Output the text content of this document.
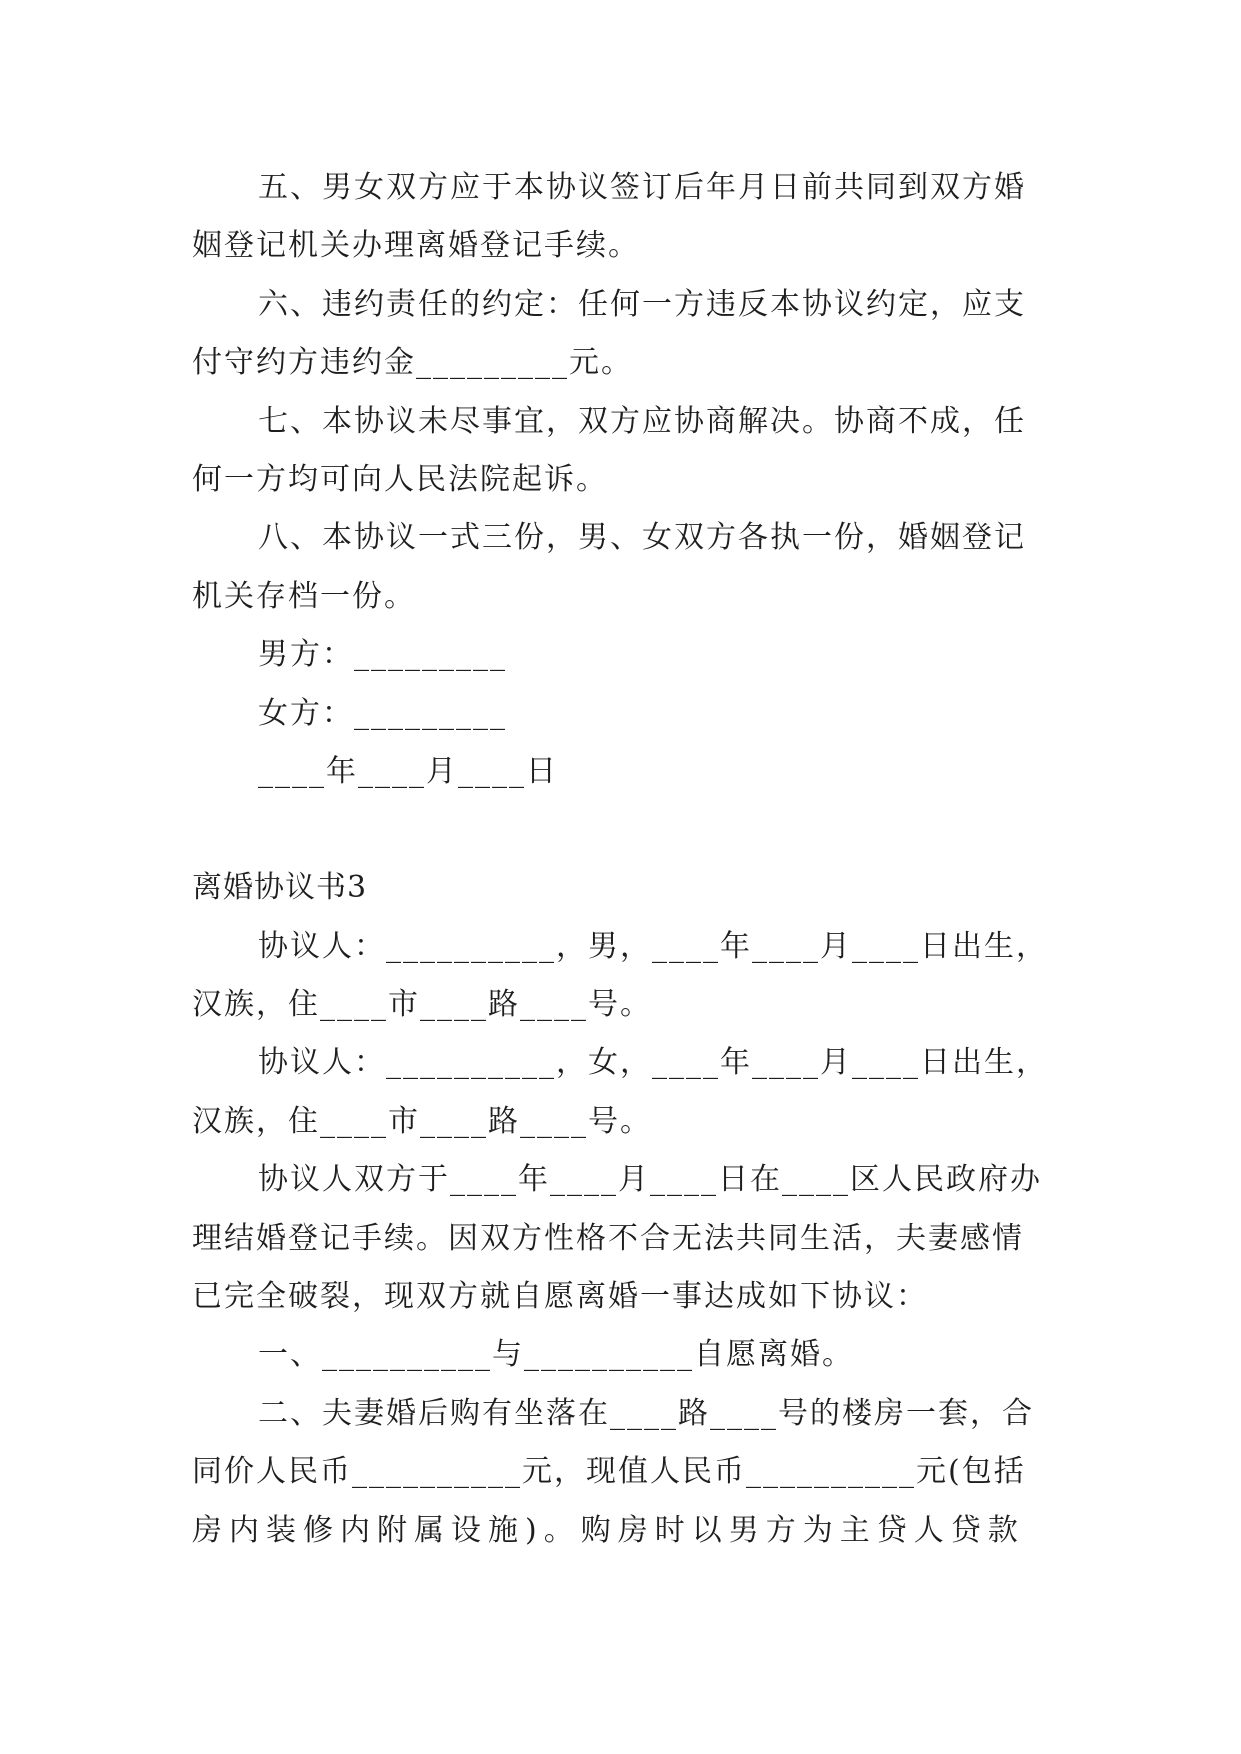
五、男女双方应于本协议签订后年月日前共同到双方婚
姻登记机关办理离婚登记手续。
六、违约责任的约定：任何一方违反本协议约定，应支
付守约方违约金_________元。
七、本协议未尽事宜，双方应协商解决。协商不成，任
何一方均可向人民法院起诉。
八、本协议一式三份，男、女双方各执一份，婚姻登记
机关存档一份。
男方：_________
女方：_________
____年____月____日
离婚协议书3
协议人：__________，男，____年____月____日出生，
汉族，住____市____路____号。
协议人：__________，女，____年____月____日出生，
汉族，住____市____路____号。
协议人双方于____年____月____日在____区人民政府办
理结婚登记手续。因双方性格不合无法共同生活，夫妻感情
已完全破裂，现双方就自愿离婚一事达成如下协议：
一、__________与__________自愿离婚。
二、夫妻婚后购有坐落在____路____号的楼房一套，合
同价人民币__________元，现值人民币__________元(包括
房内装修内附属设施)。购房时以男方为主贷人贷款
